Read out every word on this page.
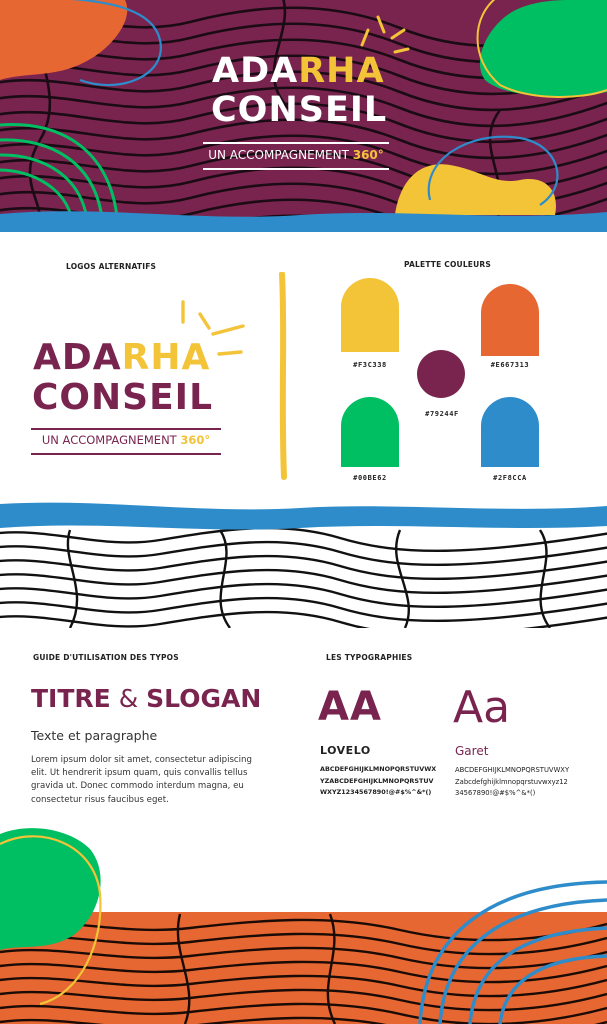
ADARHA
CONSEIL
UN ACCOMPAGNEMENT 360°
LOGOS ALTERNATIFS
ADARHA
CONSEIL
UN ACCOMPAGNEMENT 360°
PALETTE COULEURS
#F3C338	#E667313
#79244F
#00BE62	#2F8CCA
GUIDE D'UTILISATION DES TYPOS
TITRE & SLOGAN
Texte et paragraphe
Lorem ipsum dolor sit amet, consectetur adipiscing elit. Ut hendrerit ipsum quam, quis convallis tellus gravida ut. Donec commodo interdum magna, eu consectetur risus faucibus eget.
LES TYPOGRAPHIES
AA
LOVELO
ABCDEFGHIJKLMNOPQRSTUVWXYZABCDEFGHIJKLMNOPQRSTUVWXYZ1234567890!@#$%^&*()
Aa
Garet
ABCDEFGHIJKLMNOPQRSTUVWXYZabcdefghijklmnopqrstuvwxyz1234567890!@#$%^&*()
